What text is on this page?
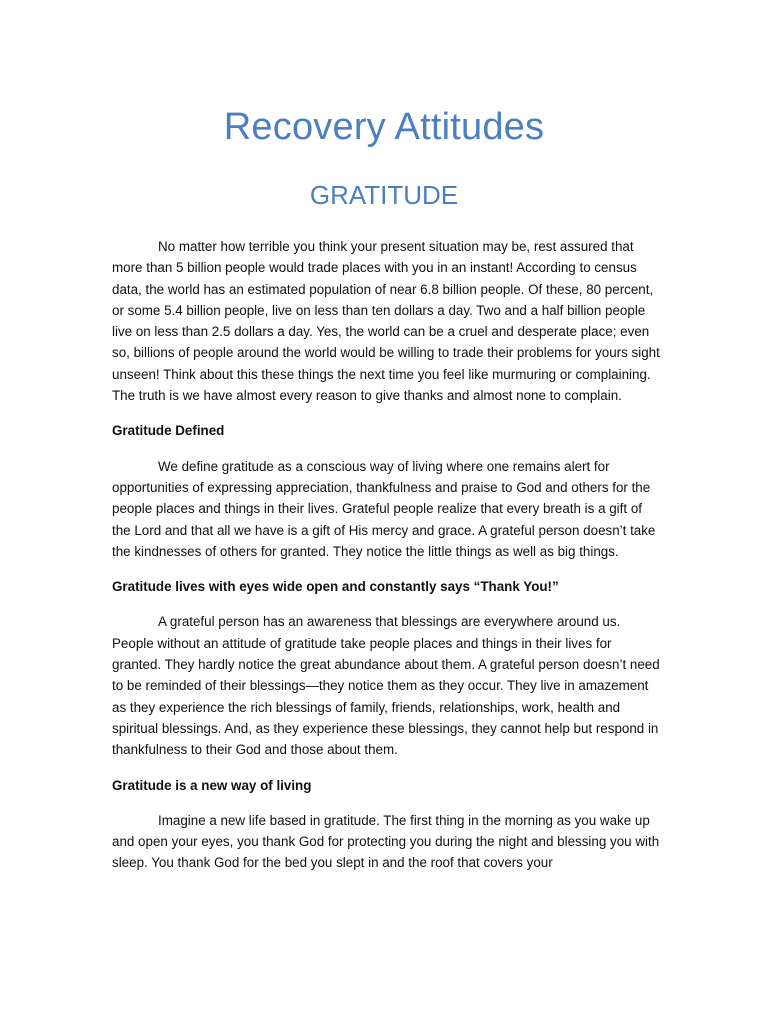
Recovery Attitudes
GRATITUDE

No matter how terrible you think your present situation may be, rest assured that more than 5 billion people would trade places with you in an instant! According to census data, the world has an estimated population of near 6.8 billion people. Of these, 80 percent, or some 5.4 billion people, live on less than ten dollars a day. Two and a half billion people live on less than 2.5 dollars a day. Yes, the world can be a cruel and desperate place; even so, billions of people around the world would be willing to trade their problems for yours sight unseen! Think about this these things the next time you feel like murmuring or complaining. The truth is we have almost every reason to give thanks and almost none to complain.

Gratitude Defined

We define gratitude as a conscious way of living where one remains alert for opportunities of expressing appreciation, thankfulness and praise to God and others for the people places and things in their lives. Grateful people realize that every breath is a gift of the Lord and that all we have is a gift of His mercy and grace. A grateful person doesn’t take the kindnesses of others for granted. They notice the little things as well as big things.

Gratitude lives with eyes wide open and constantly says “Thank You!”

A grateful person has an awareness that blessings are everywhere around us. People without an attitude of gratitude take people places and things in their lives for granted. They hardly notice the great abundance about them. A grateful person doesn’t need to be reminded of their blessings—they notice them as they occur. They live in amazement as they experience the rich blessings of family, friends, relationships, work, health and spiritual blessings. And, as they experience these blessings, they cannot help but respond in thankfulness to their God and those about them.

Gratitude is a new way of living

Imagine a new life based in gratitude. The first thing in the morning as you wake up and open your eyes, you thank God for protecting you during the night and blessing you with sleep. You thank God for the bed you slept in and the roof that covers your
